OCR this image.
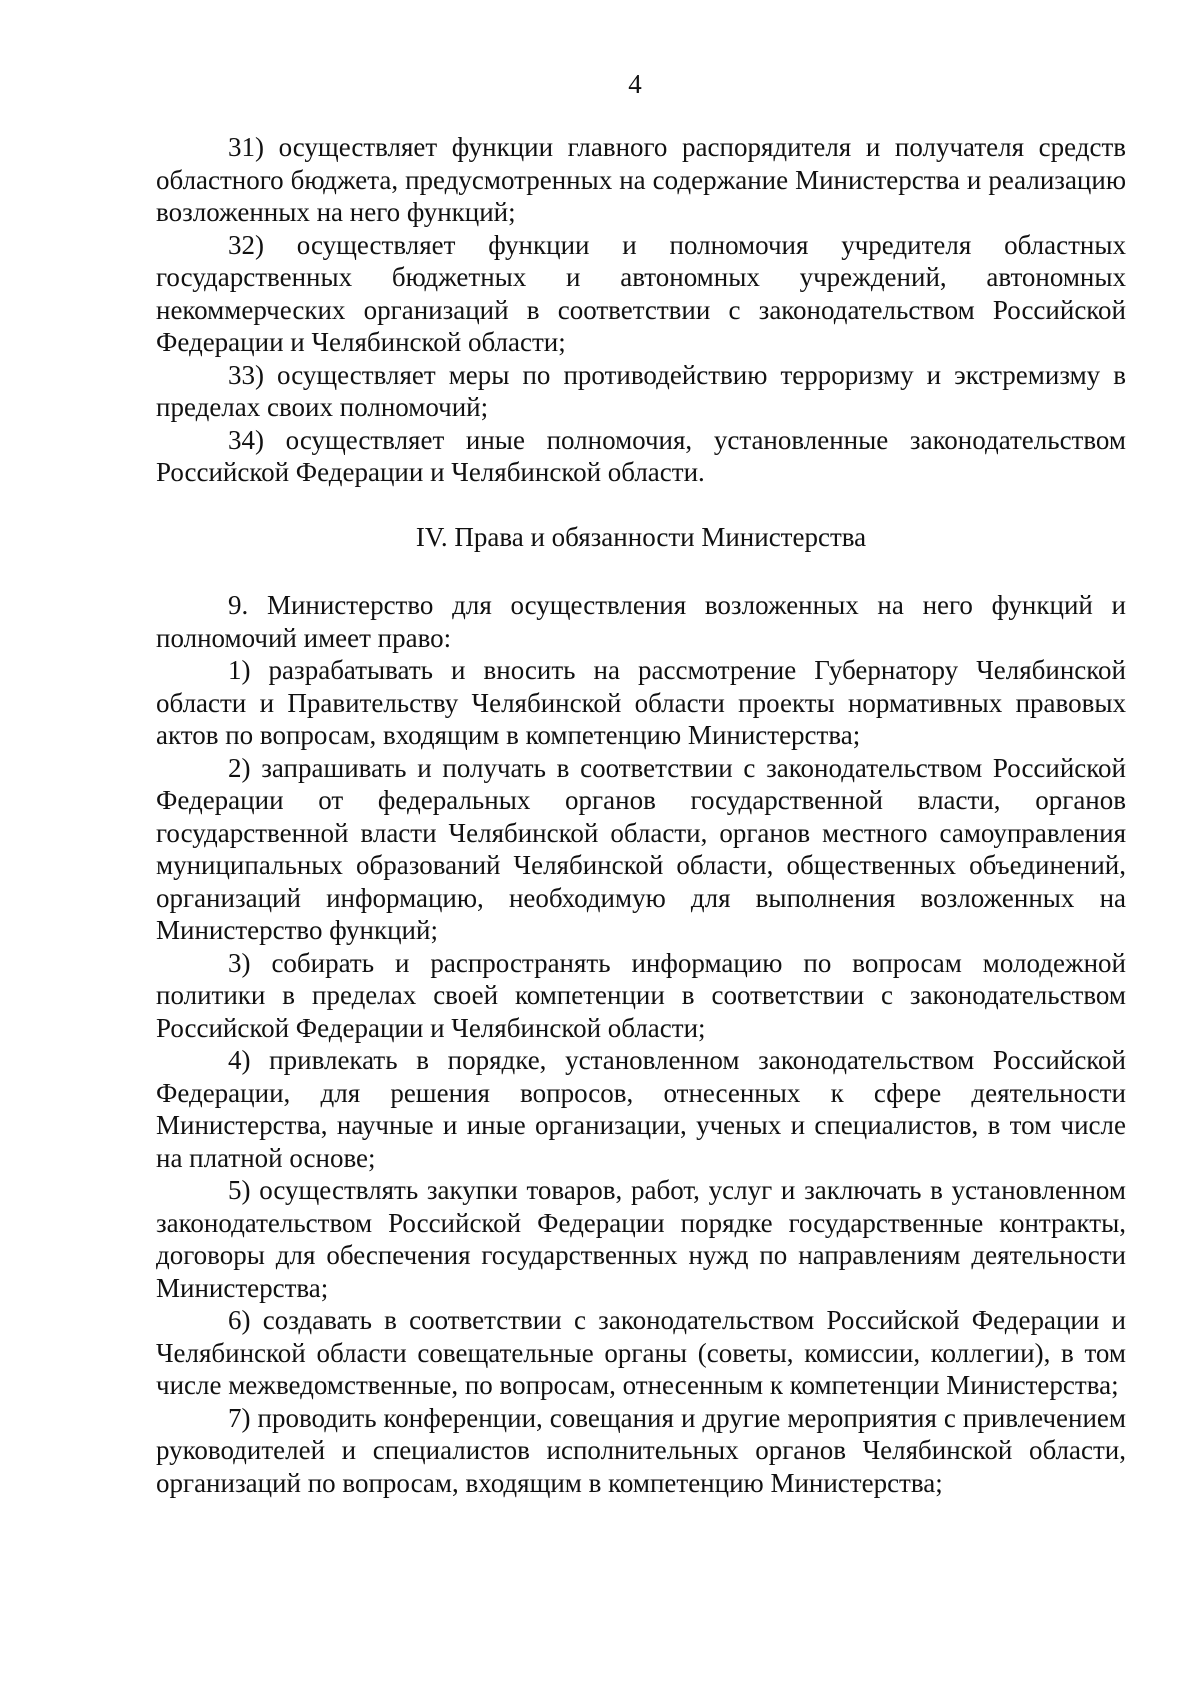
4

31) осуществляет функции главного распорядителя и получателя средств областного бюджета, предусмотренных на содержание Министерства и реализацию возложенных на него функций;

32) осуществляет функции и полномочия учредителя областных государственных бюджетных и автономных учреждений, автономных некоммерческих организаций в соответствии с законодательством Российской Федерации и Челябинской области;

33) осуществляет меры по противодействию терроризму и экстремизму в пределах своих полномочий;

34) осуществляет иные полномочия, установленные законодательством Российской Федерации и Челябинской области.

IV. Права и обязанности Министерства

9. Министерство для осуществления возложенных на него функций и полномочий имеет право:

1) разрабатывать и вносить на рассмотрение Губернатору Челябинской области и Правительству Челябинской области проекты нормативных правовых актов по вопросам, входящим в компетенцию Министерства;

2) запрашивать и получать в соответствии с законодательством Российской Федерации от федеральных органов государственной власти, органов государственной власти Челябинской области, органов местного самоуправления муниципальных образований Челябинской области, общественных объединений, организаций информацию, необходимую для выполнения возложенных на Министерство функций;

3) собирать и распространять информацию по вопросам молодежной политики в пределах своей компетенции в соответствии с законодательством Российской Федерации и Челябинской области;

4) привлекать в порядке, установленном законодательством Российской Федерации, для решения вопросов, отнесенных к сфере деятельности Министерства, научные и иные организации, ученых и специалистов, в том числе на платной основе;

5) осуществлять закупки товаров, работ, услуг и заключать в установленном законодательством Российской Федерации порядке государственные контракты, договоры для обеспечения государственных нужд по направлениям деятельности Министерства;

6) создавать в соответствии с законодательством Российской Федерации и Челябинской области совещательные органы (советы, комиссии, коллегии), в том числе межведомственные, по вопросам, отнесенным к компетенции Министерства;

7) проводить конференции, совещания и другие мероприятия с привлечением руководителей и специалистов исполнительных органов Челябинской области, организаций по вопросам, входящим в компетенцию Министерства;
